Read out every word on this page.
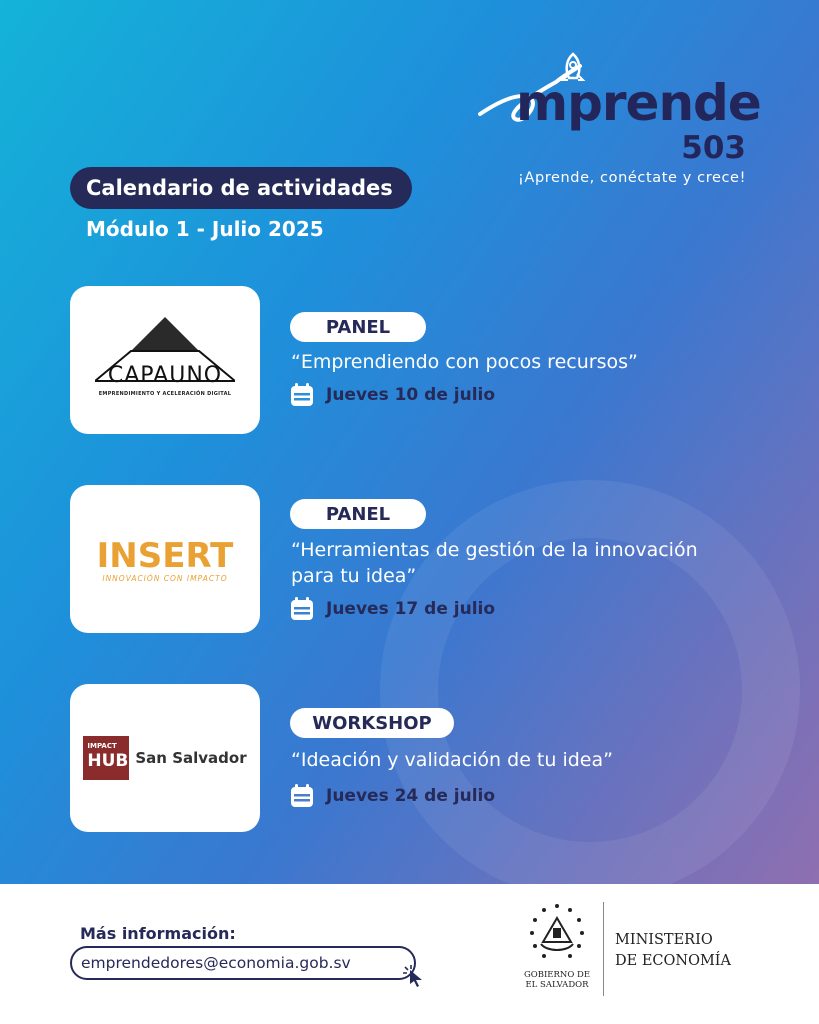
mprende
503
¡Aprende, conéctate y crece!
Calendario de actividades
Módulo 1 - Julio 2025
CAPAUNO
EMPRENDIMIENTO Y ACELERACIÓN DIGITAL
PANEL
“Emprendiendo con pocos recursos”
Jueves 10 de julio
INSERT
INNOVACIÓN CON IMPACTO
PANEL
“Herramientas de gestión de la innovación
para tu idea”
Jueves 17 de julio
IMPACT
HUB San Salvador
WORKSHOP
“Ideación y validación de tu idea”
Jueves 24 de julio
Más información:
emprendedores@economia.gob.sv
GOBIERNO DE
EL SALVADOR
MINISTERIO
DE ECONOMÍA
